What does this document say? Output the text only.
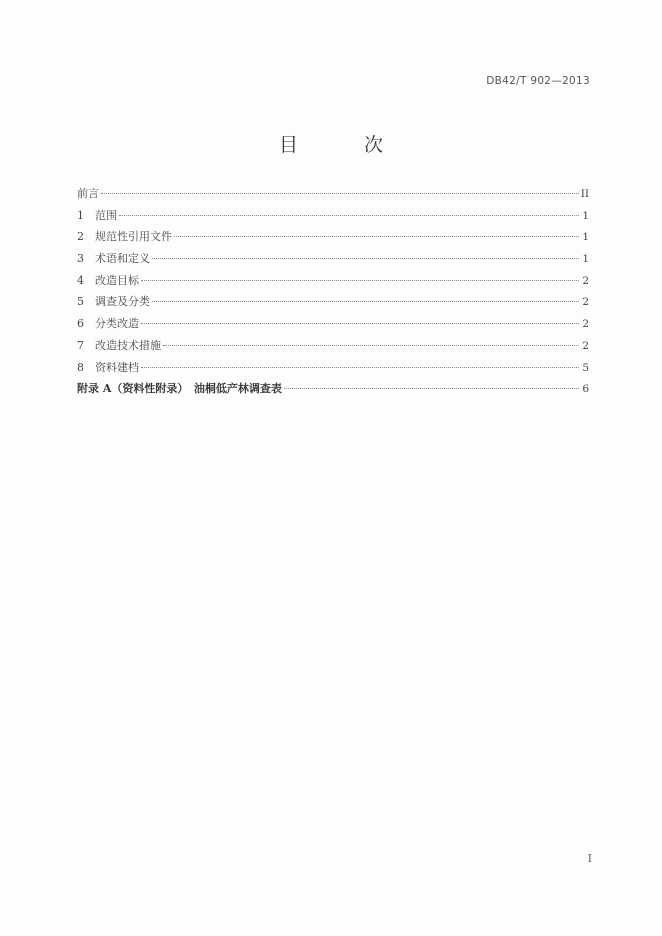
DB42/T 902—2013
目	次
前言	II
1	范围	1
2	规范性引用文件	1
3	术语和定义	1
4	改造目标	2
5	调查及分类	2
6	分类改造	2
7	改造技术措施	2
8	资料建档	5
附录 A（资料性附录）　油桐低产林调查表	6
I
